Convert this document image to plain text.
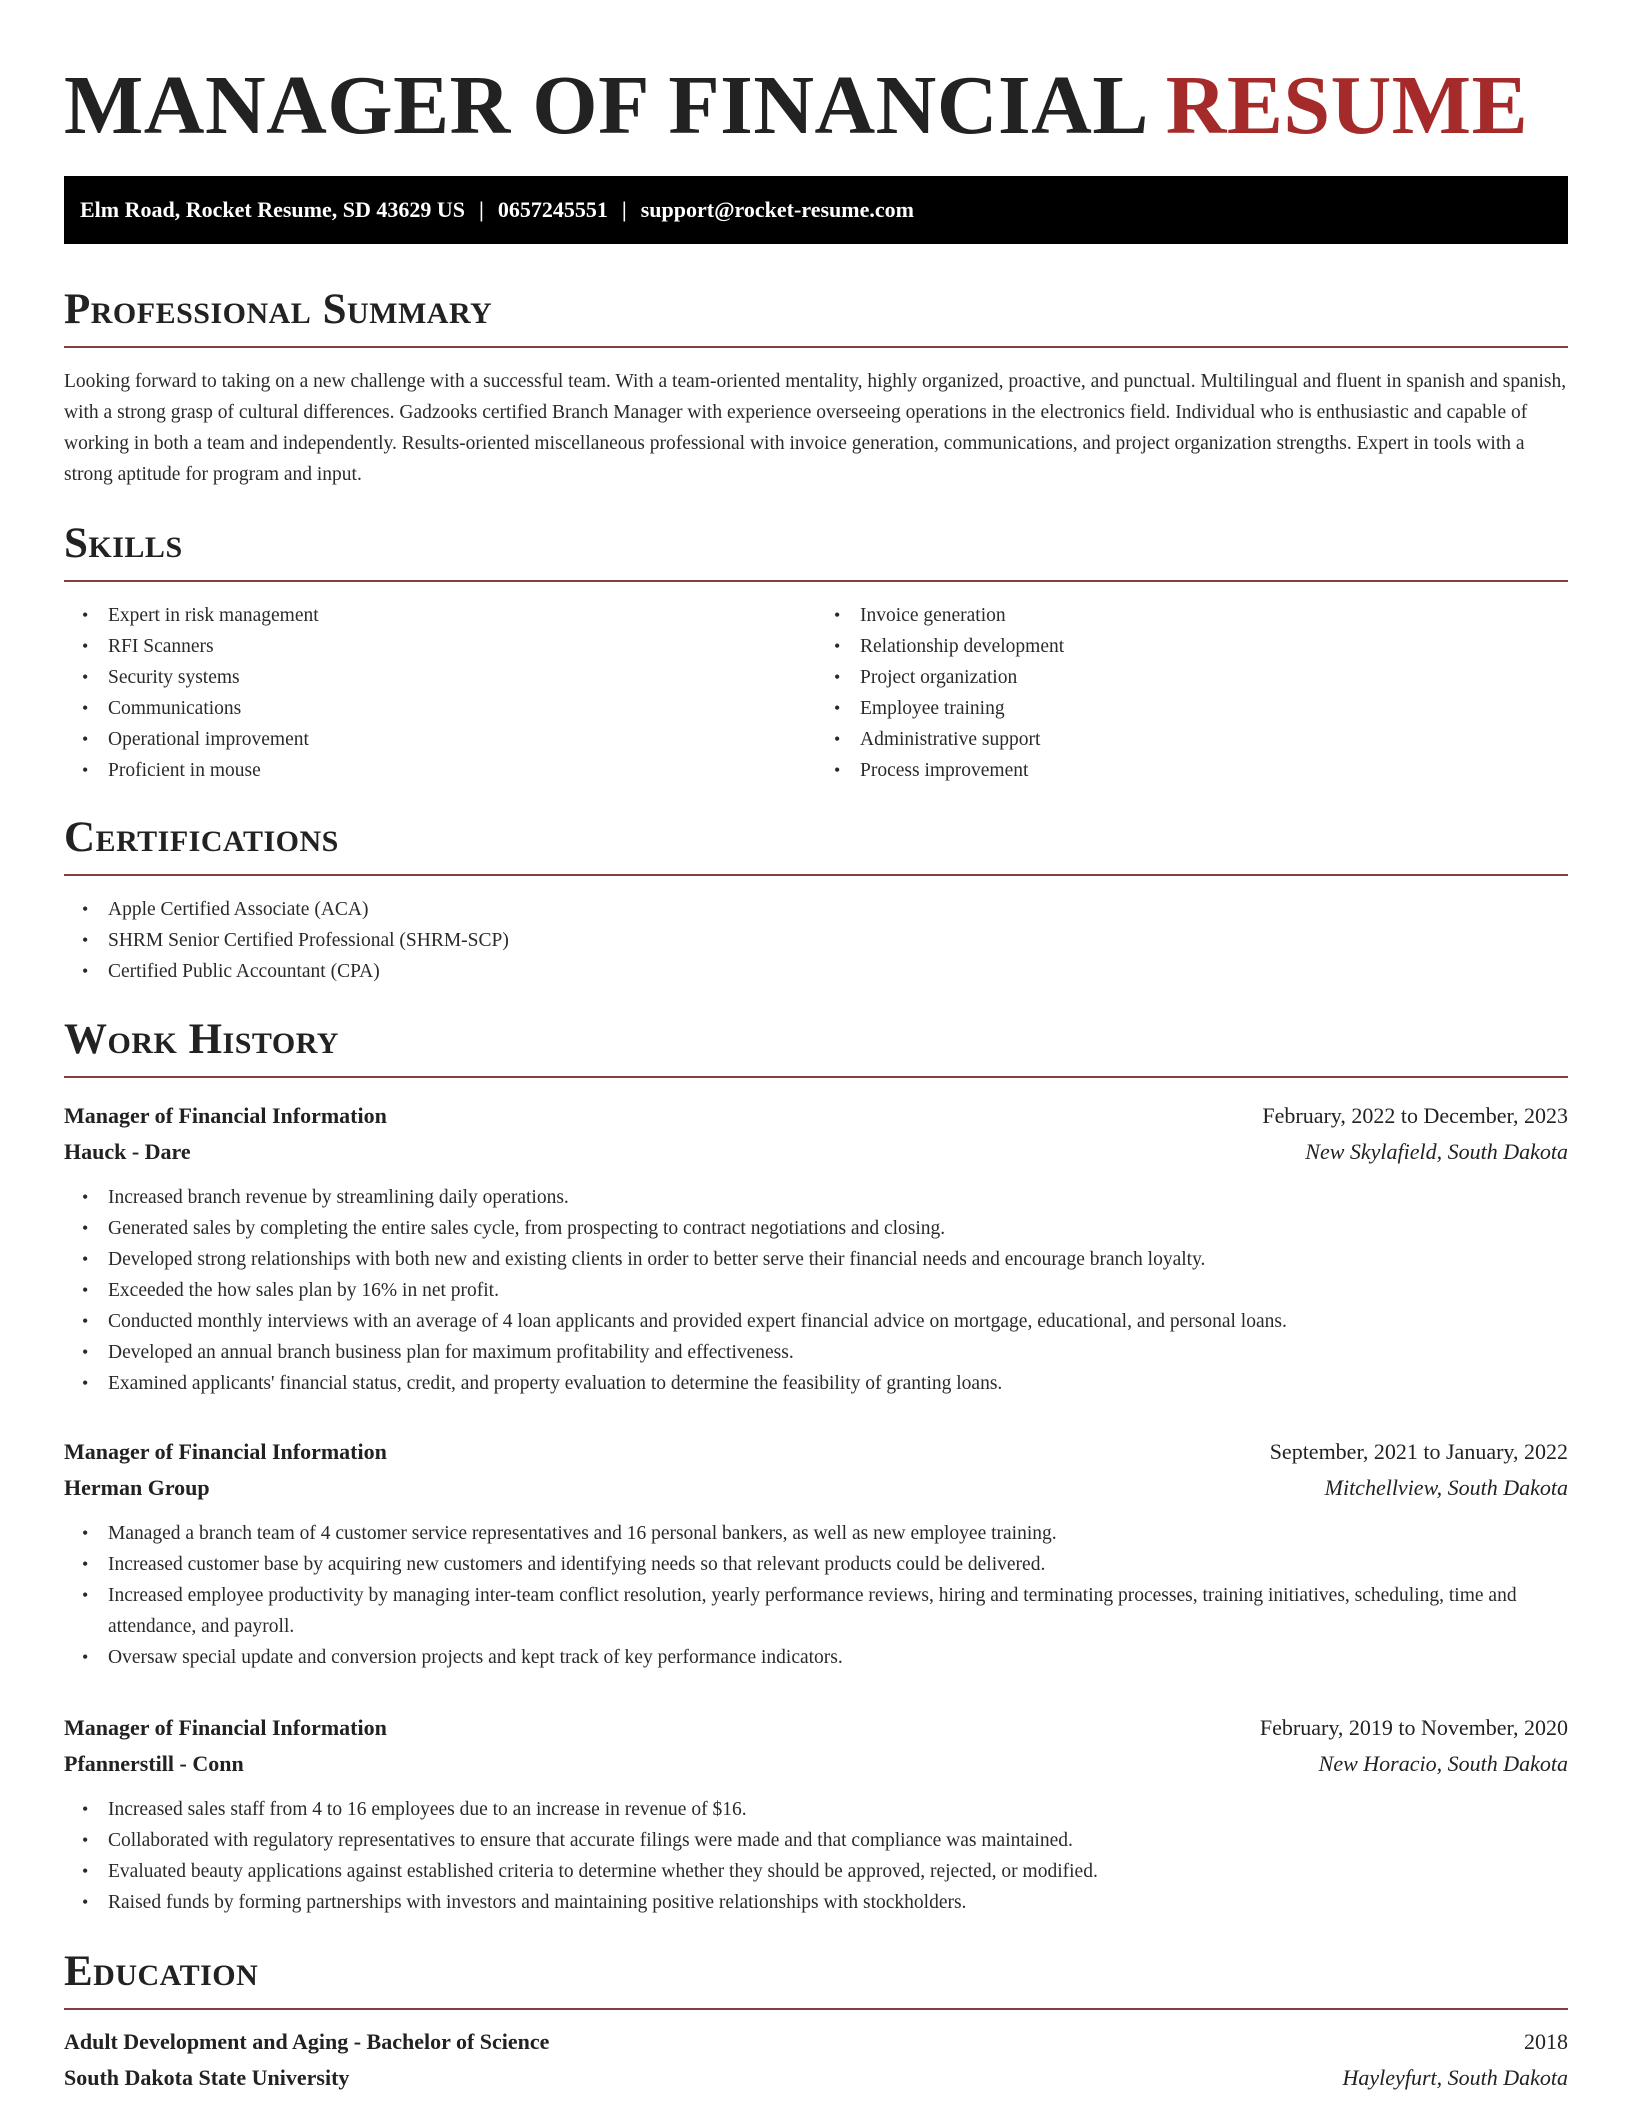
MANAGER OF FINANCIAL RESUME
Elm Road, Rocket Resume, SD 43629 US | 0657245551 | support@rocket-resume.com
Professional Summary

Looking forward to taking on a new challenge with a successful team. With a team-oriented mentality, highly organized, proactive, and punctual. Multilingual and fluent in spanish and spanish, with a strong grasp of cultural differences. Gadzooks certified Branch Manager with experience overseeing operations in the electronics field. Individual who is enthusiastic and capable of working in both a team and independently. Results-oriented miscellaneous professional with invoice generation, communications, and project organization strengths. Expert in tools with a strong aptitude for program and input.

Skills
• Expert in risk management
• RFI Scanners
• Security systems
• Communications
• Operational improvement
• Proficient in mouse
• Invoice generation
• Relationship development
• Project organization
• Employee training
• Administrative support
• Process improvement
Certifications
• Apple Certified Associate (ACA)
• SHRM Senior Certified Professional (SHRM-SCP)
• Certified Public Accountant (CPA)
Work History
Manager of Financial Information	February, 2022 to December, 2023
Hauck - Dare	New Skylafield, South Dakota
• Increased branch revenue by streamlining daily operations.
• Generated sales by completing the entire sales cycle, from prospecting to contract negotiations and closing.
• Developed strong relationships with both new and existing clients in order to better serve their financial needs and encourage branch loyalty.
• Exceeded the how sales plan by 16% in net profit.
• Conducted monthly interviews with an average of 4 loan applicants and provided expert financial advice on mortgage, educational, and personal loans.
• Developed an annual branch business plan for maximum profitability and effectiveness.
• Examined applicants' financial status, credit, and property evaluation to determine the feasibility of granting loans.
Manager of Financial Information	September, 2021 to January, 2022
Herman Group	Mitchellview, South Dakota
• Managed a branch team of 4 customer service representatives and 16 personal bankers, as well as new employee training.
• Increased customer base by acquiring new customers and identifying needs so that relevant products could be delivered.
• Increased employee productivity by managing inter-team conflict resolution, yearly performance reviews, hiring and terminating processes, training initiatives, scheduling, time and attendance, and payroll.
• Oversaw special update and conversion projects and kept track of key performance indicators.
Manager of Financial Information	February, 2019 to November, 2020
Pfannerstill - Conn	New Horacio, South Dakota
• Increased sales staff from 4 to 16 employees due to an increase in revenue of $16.
• Collaborated with regulatory representatives to ensure that accurate filings were made and that compliance was maintained.
• Evaluated beauty applications against established criteria to determine whether they should be approved, rejected, or modified.
• Raised funds by forming partnerships with investors and maintaining positive relationships with stockholders.
Education
Adult Development and Aging - Bachelor of Science	2018
South Dakota State University	Hayleyfurt, South Dakota
